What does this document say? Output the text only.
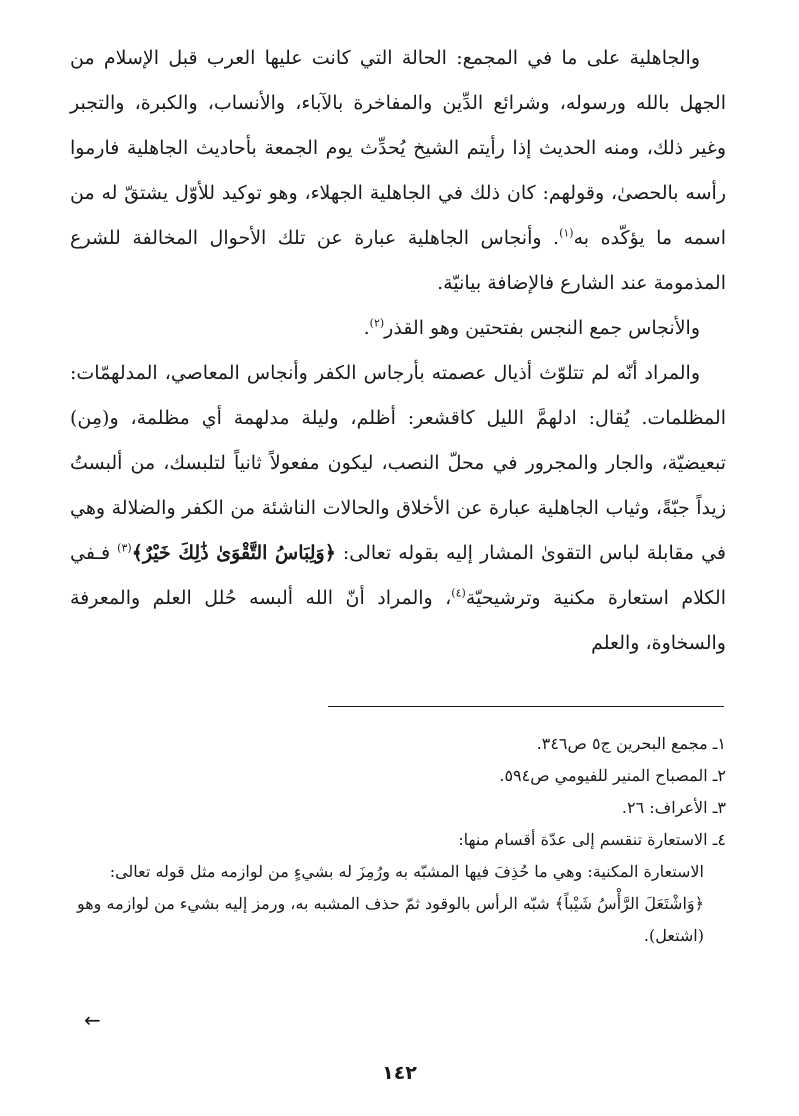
والجاهلية على ما في المجمع: الحالة التي كانت عليها العرب قبل الإسلام من الجهل بالله ورسوله، وشرائع الدِّين والمفاخرة بالآباء، والأنساب، والكبرة، والتجبر وغير ذلك، ومنه الحديث إذا رأيتم الشيخ يُحدِّث يوم الجمعة بأحاديث الجاهلية فارموا رأسه بالحصىٰ، وقولهم: كان ذلك في الجاهلية الجهلاء، وهو توكيد للأوّل يشتقّ له من اسمه ما يؤكّده به$^{(١)}$. وأنجاس الجاهلية عبارة عن تلك الأحوال المخالفة للشرع المذمومة عند الشارع فالإضافة بيانيّة.

والأنجاس جمع النجس بفتحتين وهو القذر$^{(٢)}$.

والمراد أنّه لم تتلوّث أذيال عصمته بأرجاس الكفر وأنجاس المعاصي، المدلهمّات: المظلمات. يُقال: ادلهمَّ الليل كاقشعر: أظلم، وليلة مدلهمة أي مظلمة، و(مِن) تبعيضيّة، والجار والمجرور في محلّ النصب، ليكون مفعولاً ثانياً لتلبسك، من ألبستُ زيداً جبّةً، وثياب الجاهلية عبارة عن الأخلاق والحالات الناشئة من الكفر والضلالة وهي في مقابلة لباس التقوىٰ المشار إليه بقوله تعالى: ﴿وَلِبَاسُ التَّقْوَىٰ ذَٰلِكَ خَيْرٌ﴾$^{(٣)}$ فـفي الكلام استعارة مكنية وترشيحيّة$^{(٤)}$، والمراد أنّ الله ألبسه حُلل العلم والمعرفة والسخاوة، والعلم

١ـ مجمع البحرين ج٥ ص٣٤٦.

٢ـ المصباح المنير للفيومي ص٥٩٤.

٣ـ الأعراف: ٢٦.

٤ـ الاستعارة تنقسم إلى عدّة أقسام منها:

الاستعارة المكنية: وهي ما حُذِفَ فيها المشبّه به ورُمِزَ له بشيءٍ من لوازمه مثل قوله تعالى: ﴿وَاشْتَعَلَ الرَّأْسُ شَيْباً﴾ شبّه الرأس بالوقود ثمّ حذف المشبه به، ورمز إليه بشيء من لوازمه وهو (اشتعل).

←
١٤٢
